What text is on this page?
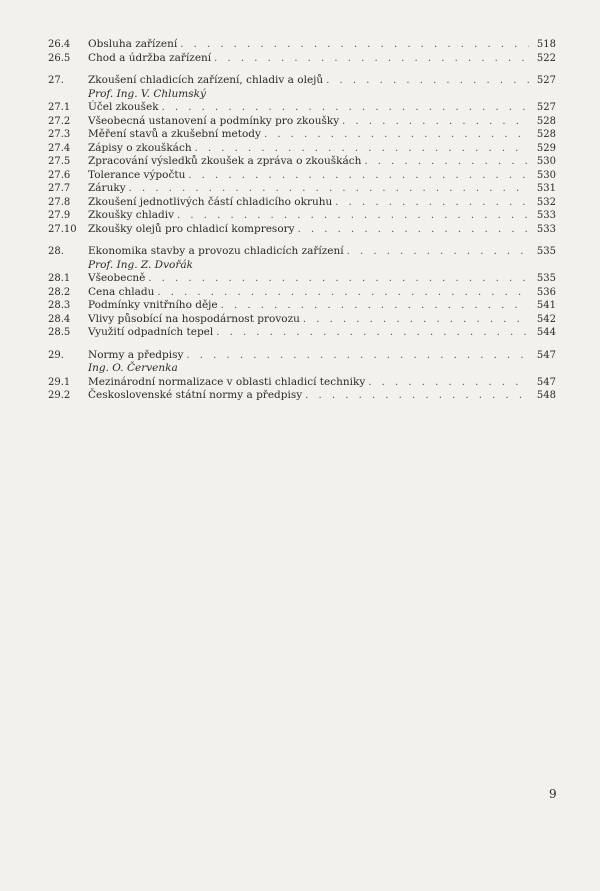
26.4	Obsluha zařízení . . .	518
26.5	Chod a údržba zařízení . . .	522
27.	Zkoušení chladicích zařízení, chladiv a olejů . . .	527
Prof. Ing. V. Chlumský
27.1	Účel zkoušek . . .	527
27.2	Všeobecná ustanovení a podmínky pro zkoušky . . .	528
27.3	Měření stavů a zkušební metody . . .	528
27.4	Zápisy o zkouškách . . .	529
27.5	Zpracování výsledků zkoušek a zpráva o zkouškách . . .	530
27.6	Tolerance výpočtu . . .	530
27.7	Záruky . . .	531
27.8	Zkoušení jednotlivých částí chladicího okruhu . . .	532
27.9	Zkoušky chladiv . . .	533
27.10	Zkoušky olejů pro chladicí kompresory . . .	533
28.	Ekonomika stavby a provozu chladicích zařízení . . .	535
Prof. Ing. Z. Dvořák
28.1	Všeobecně . . .	535
28.2	Cena chladu . . .	536
28.3	Podmínky vnitřního děje . . .	541
28.4	Vlivy působící na hospodárnost provozu . . .	542
28.5	Využití odpadních tepel . . .	544
29.	Normy a předpisy . . .	547
Ing. O. Červenka
29.1	Mezinárodní normalizace v oblasti chladicí techniky . . .	547
29.2	Československé státní normy a předpisy . . .	548
9
